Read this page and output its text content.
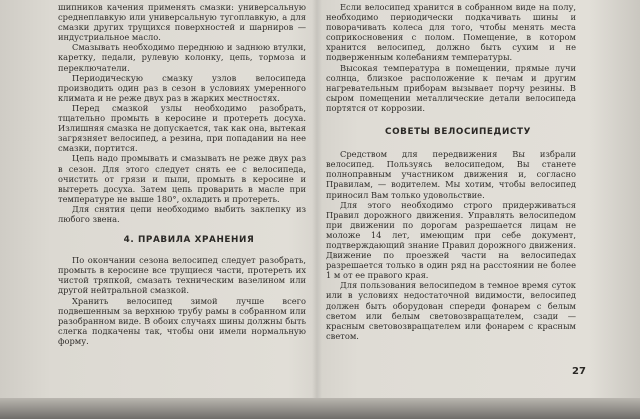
шипников качения применять смазки: универсальную среднеплавкую или универсальную тугоплавкую, а для смазки других трущихся поверхностей и шарниров — индустриальное масло.

Смазывать необходимо переднюю и заднюю втулки, каретку, педали, рулевую колонку, цепь, тормоза и переключатели.

Периодическую смазку узлов велосипеда производить один раз в сезон в условиях умеренного климата и не реже двух раз в жарких местностях.

Перед смазкой узлы необходимо разобрать, тщательно промыть в керосине и протереть досуха. Излишняя смазка не допускается, так как она, вытекая загрязняет велосипед, а резина, при попадании на нее смазки, портится.

Цепь надо промывать и смазывать не реже двух раз в сезон. Для этого следует снять ее с велосипеда, очистить от грязи и пыли, промыть в керосине и вытереть досуха. Затем цепь проварить в масле при температуре не выше 180°, охладить и протереть.

Для снятия цепи необходимо выбить заклепку из любого звена.

4. ПРАВИЛА ХРАНЕНИЯ

По окончании сезона велосипед следует разобрать, промыть в керосине все трущиеся части, протереть их чистой тряпкой, смазать техническим вазелином или другой нейтральной смазкой.

Хранить велосипед зимой лучше всего подвешенным за верхнюю трубу рамы в собранном или разобранном виде. В обоих случаях шины должны быть слегка подкачены так, чтобы они имели нормальную форму.

Если велосипед хранится в собранном виде на полу, необходимо периодически подкачивать шины и поворачивать колеса для того, чтобы менять места соприкосновения с полом. Помещение, в котором хранится велосипед, должно быть сухим и не подверженным колебаниям температуры.

Высокая температура в помещении, прямые лучи солнца, близкое расположение к печам и другим нагревательным приборам вызывает порчу резины. В сыром помещении металлические детали велосипеда портятся от коррозии.

СОВЕТЫ ВЕЛОСИПЕДИСТУ

Средством для передвижения Вы избрали велосипед. Пользуясь велосипедом, Вы станете полноправным участником движения и, согласно Правилам, — водителем. Мы хотим, чтобы велосипед приносил Вам только удовольствие.

Для этого необходимо строго придерживаться Правил дорожного движения. Управлять велосипедом при движении по дорогам разрешается лицам не моложе 14 лет, имеющим при себе документ, подтверждающий знание Правил дорожного движения. Движение по проезжей части на велосипедах разрешается только в один ряд на расстоянии не более 1 м от ее правого края.

Для пользования велосипедом в темное время суток или в условиях недостаточной видимости, велосипед должен быть оборудован спереди фонарем с белым светом или белым световозвращателем, сзади — красным световозвращателем или фонарем с красным светом.

27
